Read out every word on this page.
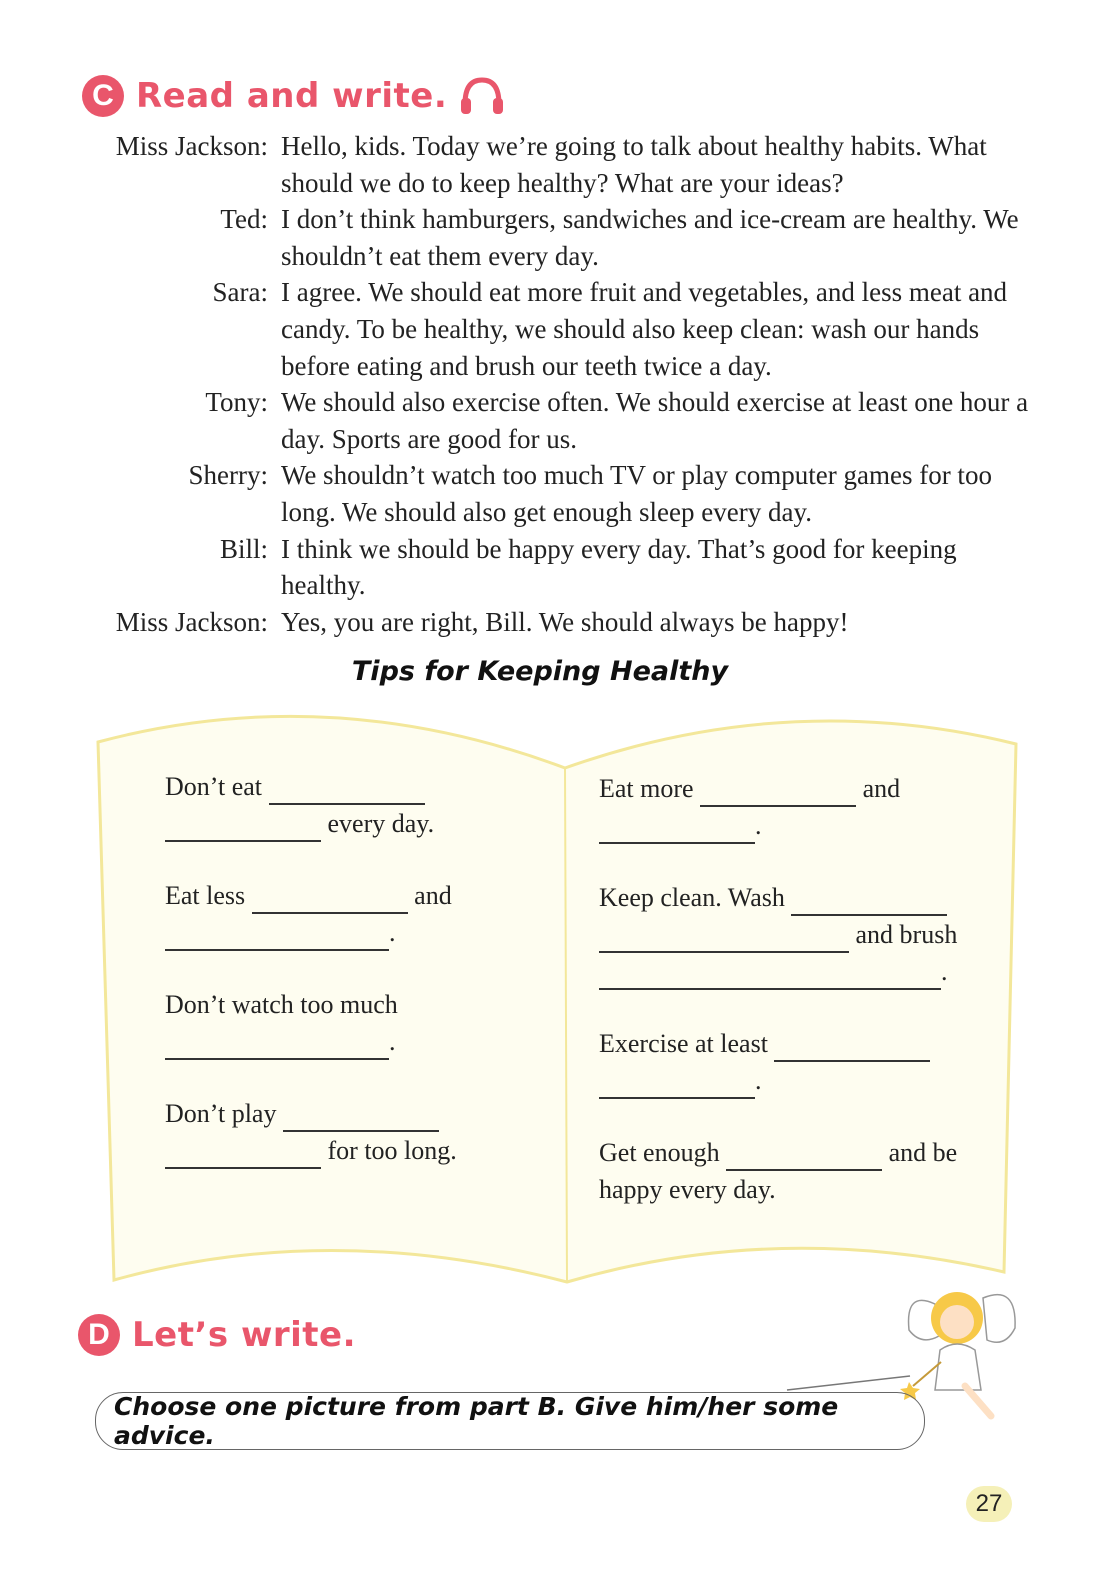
C Read and write.
Miss Jackson: Hello, kids. Today we’re going to talk about healthy habits. What should we do to keep healthy? What are your ideas?
Ted: I don’t think hamburgers, sandwiches and ice-cream are healthy. We shouldn’t eat them every day.
Sara: I agree. We should eat more fruit and vegetables, and less meat and candy. To be healthy, we should also keep clean: wash our hands before eating and brush our teeth twice a day.
Tony: We should also exercise often. We should exercise at least one hour a day. Sports are good for us.
Sherry: We shouldn’t watch too much TV or play computer games for too long. We should also get enough sleep every day.
Bill: I think we should be happy every day. That’s good for keeping healthy.
Miss Jackson: Yes, you are right, Bill. We should always be happy!
Tips for Keeping Healthy
Don’t eat
every day.
Eat less	and
.
Don’t watch too much
.
Don’t play
for too long.
Eat more	and
.
Keep clean. Wash
and brush
.
Exercise at least
.
Get enough	and be
happy every day.
D Let’s write.
Choose one picture from part B. Give him/her some advice.
27
